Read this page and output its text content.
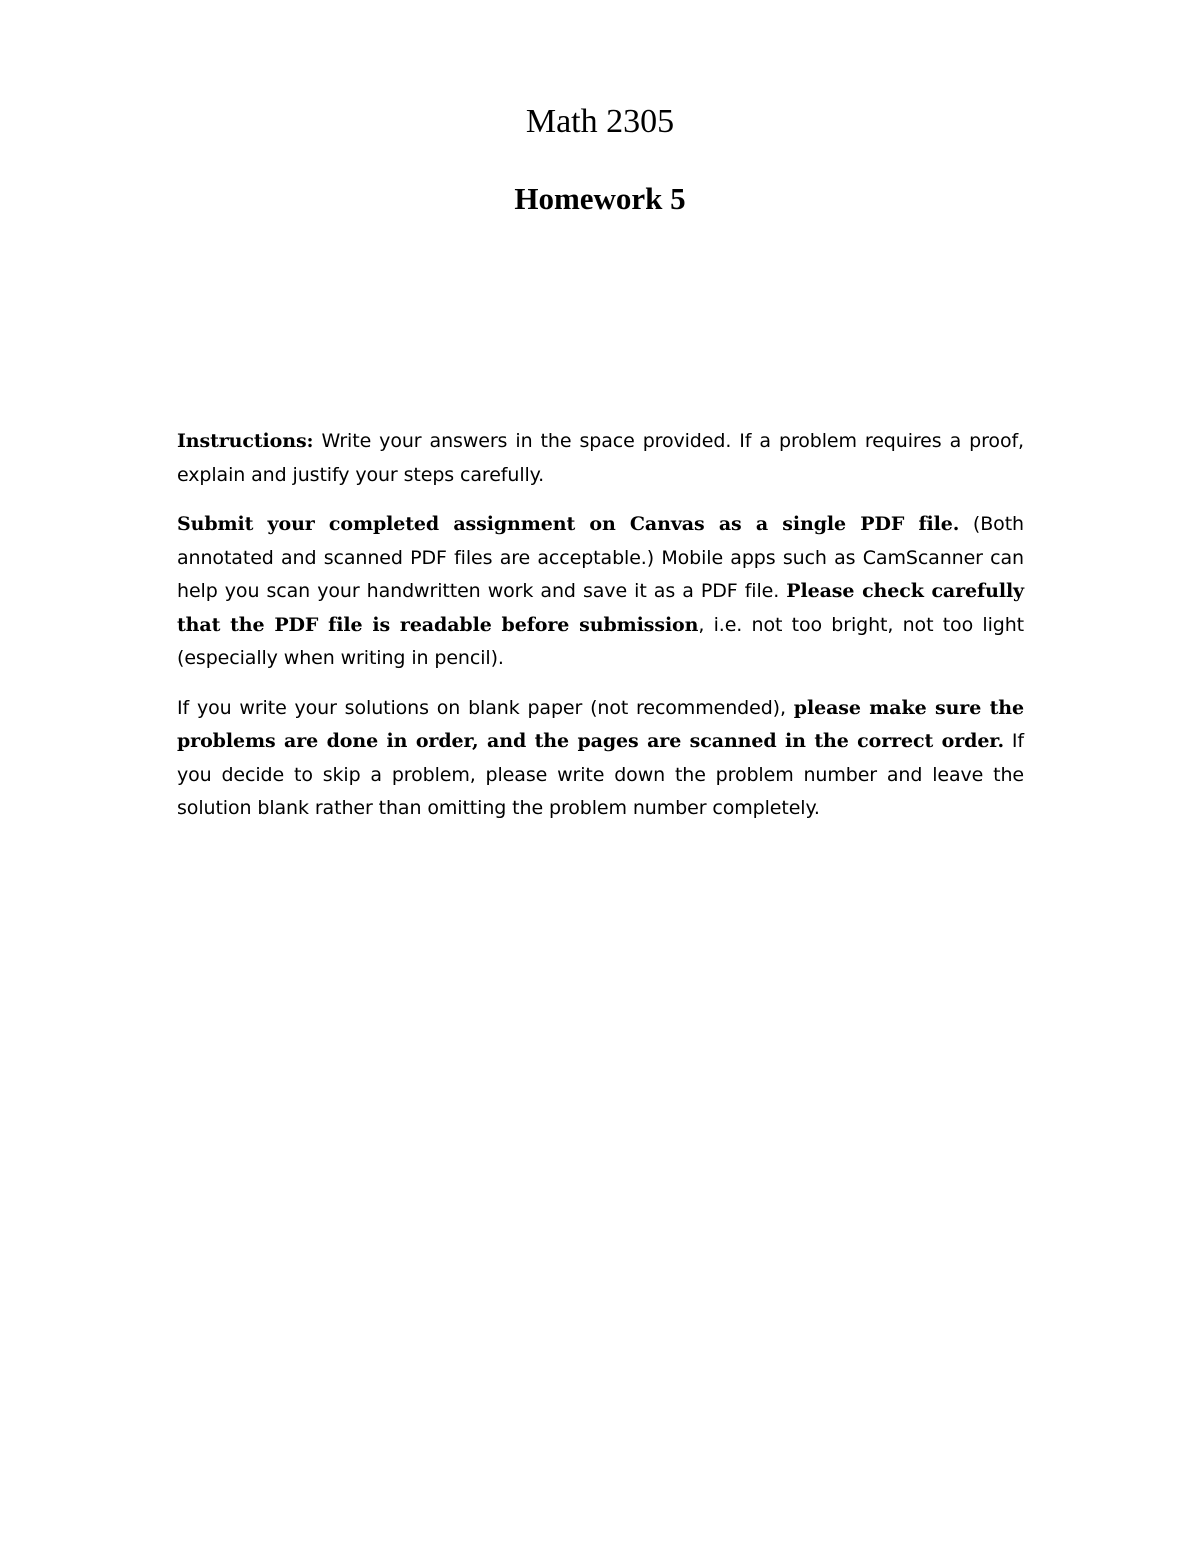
Math 2305
Homework 5

Instructions: Write your answers in the space provided. If a problem requires a proof, explain and justify your steps carefully.

Submit your completed assignment on Canvas as a single PDF file. (Both annotated and scanned PDF files are acceptable.) Mobile apps such as CamScanner can help you scan your handwritten work and save it as a PDF file. Please check carefully that the PDF file is readable before submission, i.e. not too bright, not too light (especially when writing in pencil).

If you write your solutions on blank paper (not recommended), please make sure the problems are done in order, and the pages are scanned in the correct order. If you decide to skip a problem, please write down the problem number and leave the solution blank rather than omitting the problem number completely.
